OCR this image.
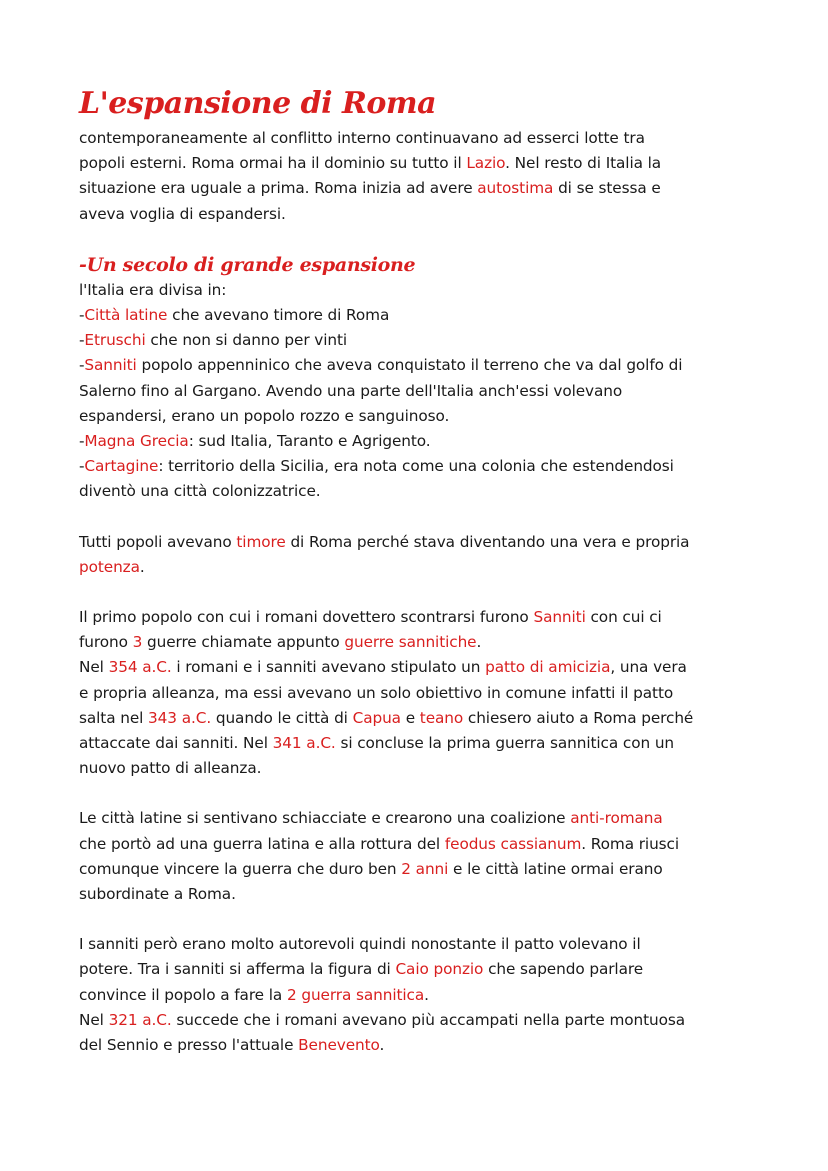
L'espansione di Roma
contemporaneamente al conflitto interno continuavano ad esserci lotte tra
popoli esterni. Roma ormai ha il dominio su tutto il Lazio. Nel resto di Italia la
situazione era uguale a prima. Roma inizia ad avere autostima di se stessa e
aveva voglia di espandersi.
-Un secolo di grande espansione
l'Italia era divisa in:
-Città latine che avevano timore di Roma
-Etruschi che non si danno per vinti
-Sanniti popolo appenninico che aveva conquistato il terreno che va dal golfo di
Salerno fino al Gargano. Avendo una parte dell'Italia anch'essi volevano
espandersi, erano un popolo rozzo e sanguinoso.
-Magna Grecia: sud Italia, Taranto e Agrigento.
-Cartagine: territorio della Sicilia, era nota come una colonia che estendendosi
diventò una città colonizzatrice.
Tutti popoli avevano timore di Roma perché stava diventando una vera e propria
potenza.
Il primo popolo con cui i romani dovettero scontrarsi furono Sanniti con cui ci
furono 3 guerre chiamate appunto guerre sannitiche.
Nel 354 a.C. i romani e i sanniti avevano stipulato un patto di amicizia, una vera
e propria alleanza, ma essi avevano un solo obiettivo in comune infatti il patto
salta nel 343 a.C. quando le città di Capua e teano chiesero aiuto a Roma perché
attaccate dai sanniti. Nel 341 a.C. si concluse la prima guerra sannitica con un
nuovo patto di alleanza.
Le città latine si sentivano schiacciate e crearono una coalizione anti-romana
che portò ad una guerra latina e alla rottura del feodus cassianum. Roma riusci
comunque vincere la guerra che duro ben 2 anni e le città latine ormai erano
subordinate a Roma.
I sanniti però erano molto autorevoli quindi nonostante il patto volevano il
potere. Tra i sanniti si afferma la figura di Caio ponzio che sapendo parlare
convince il popolo a fare la 2 guerra sannitica.
Nel 321 a.C. succede che i romani avevano più accampati nella parte montuosa
del Sennio e presso l'attuale Benevento.
